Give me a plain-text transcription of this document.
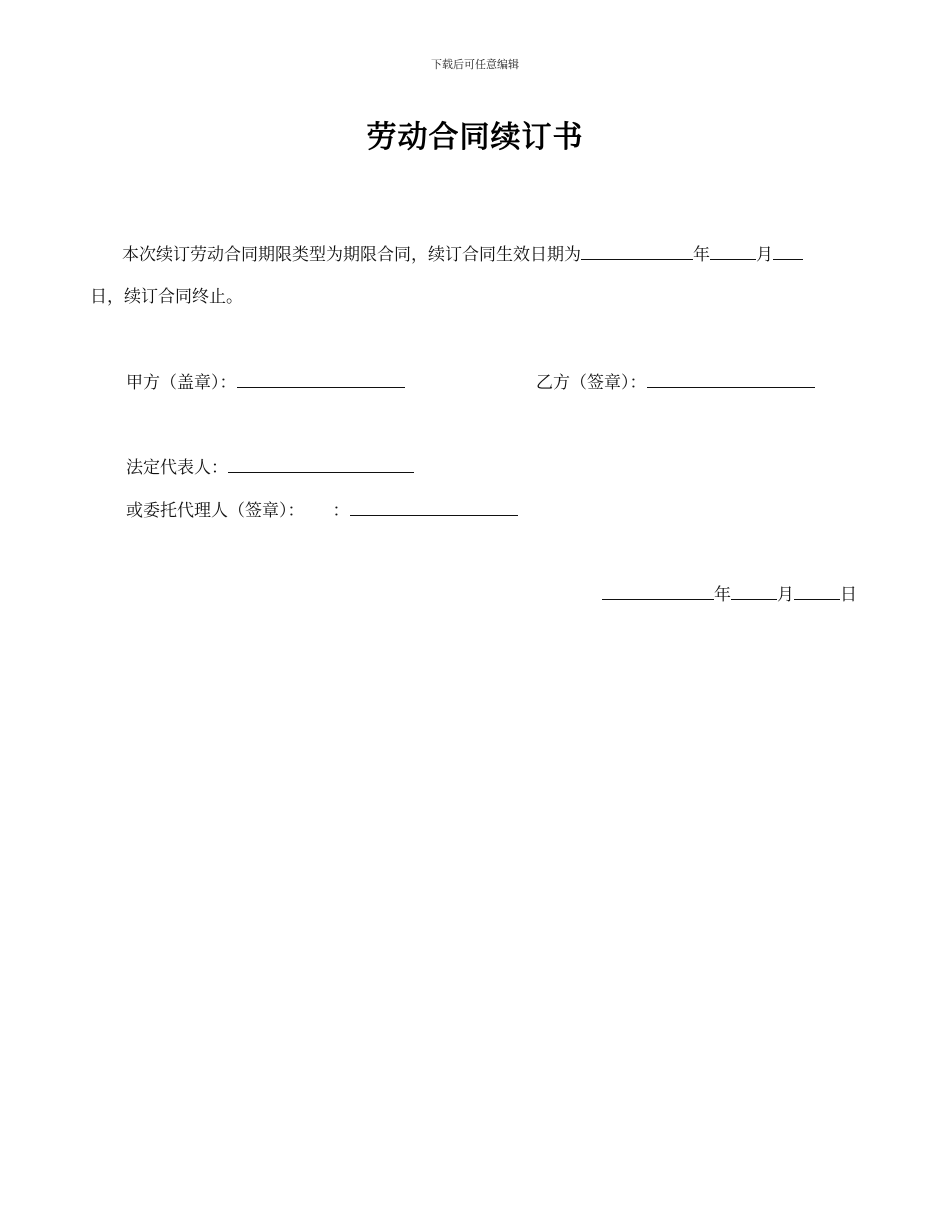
下载后可任意编辑
劳动合同续订书
本次续订劳动合同期限类型为期限合同，续订合同生效日期为	年	月
日，续订合同终止。
甲方（盖章）：	乙方（签章）：
法定代表人：
或委托代理人（签章）： ：
年	月	日
